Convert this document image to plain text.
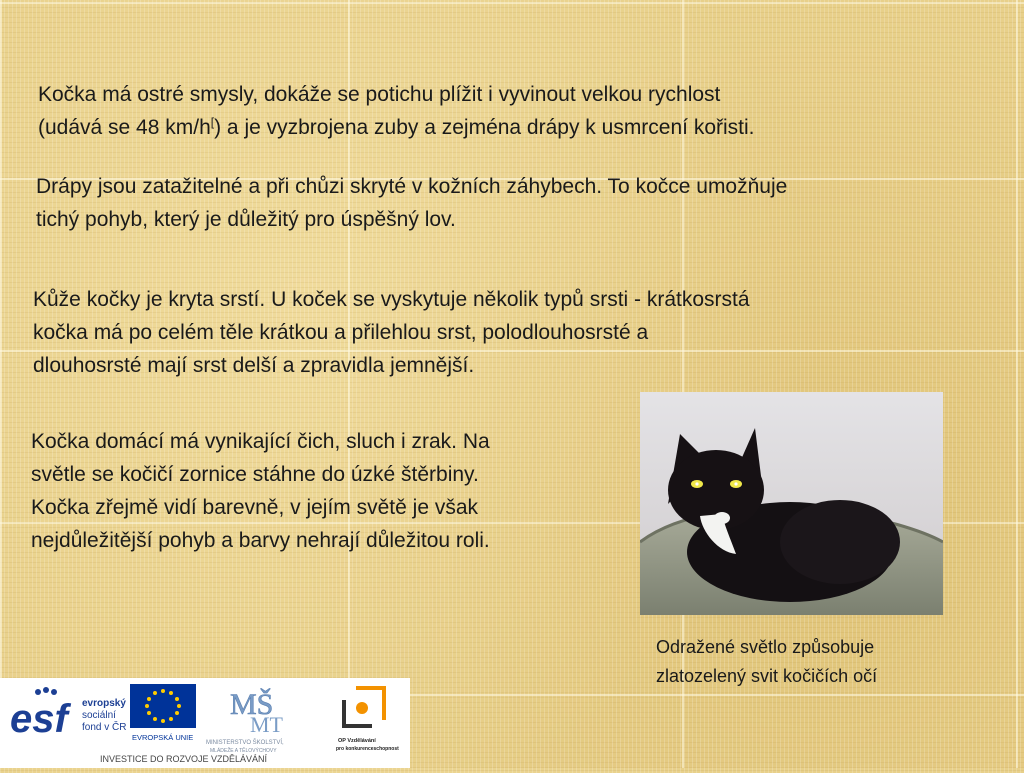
Kočka má ostré smysly, dokáže se potichu plížit i vyvinout velkou rychlost
(udává se 48 km/h[) a je vyzbrojena zuby a zejména drápy k usmrcení kořisti.

Drápy jsou zatažitelné a při chůzi skryté v kožních záhybech. To kočce umožňuje
tichý pohyb, který je důležitý pro úspěšný lov.

Kůže kočky je kryta srstí. U koček se vyskytuje několik typů srsti - krátkosrstá
kočka má po celém těle krátkou a přilehlou srst, polodlouhosrsté a
dlouhosrsté mají srst delší a zpravidla jemnější.

Kočka domácí má vynikající čich, sluch i zrak. Na
světle se kočičí zornice stáhne do úzké štěrbiny.
Kočka zřejmě vidí barevně, v jejím světě je však
nejdůležitější pohyb a barvy nehrají důležitou roli.

Odražené světlo způsobuje
zlatozelený svit kočičích očí
esf	evropský
sociální
fond v ČR
EVROPSKÁ UNIE
MŠ
MT
MINISTERSTVO ŠKOLSTVÍ,
MLÁDEŽE A TĚLOVÝCHOVY
OP Vzdělávání
pro konkurenceschopnost
INVESTICE DO ROZVOJE VZDĚLÁVÁNÍ
